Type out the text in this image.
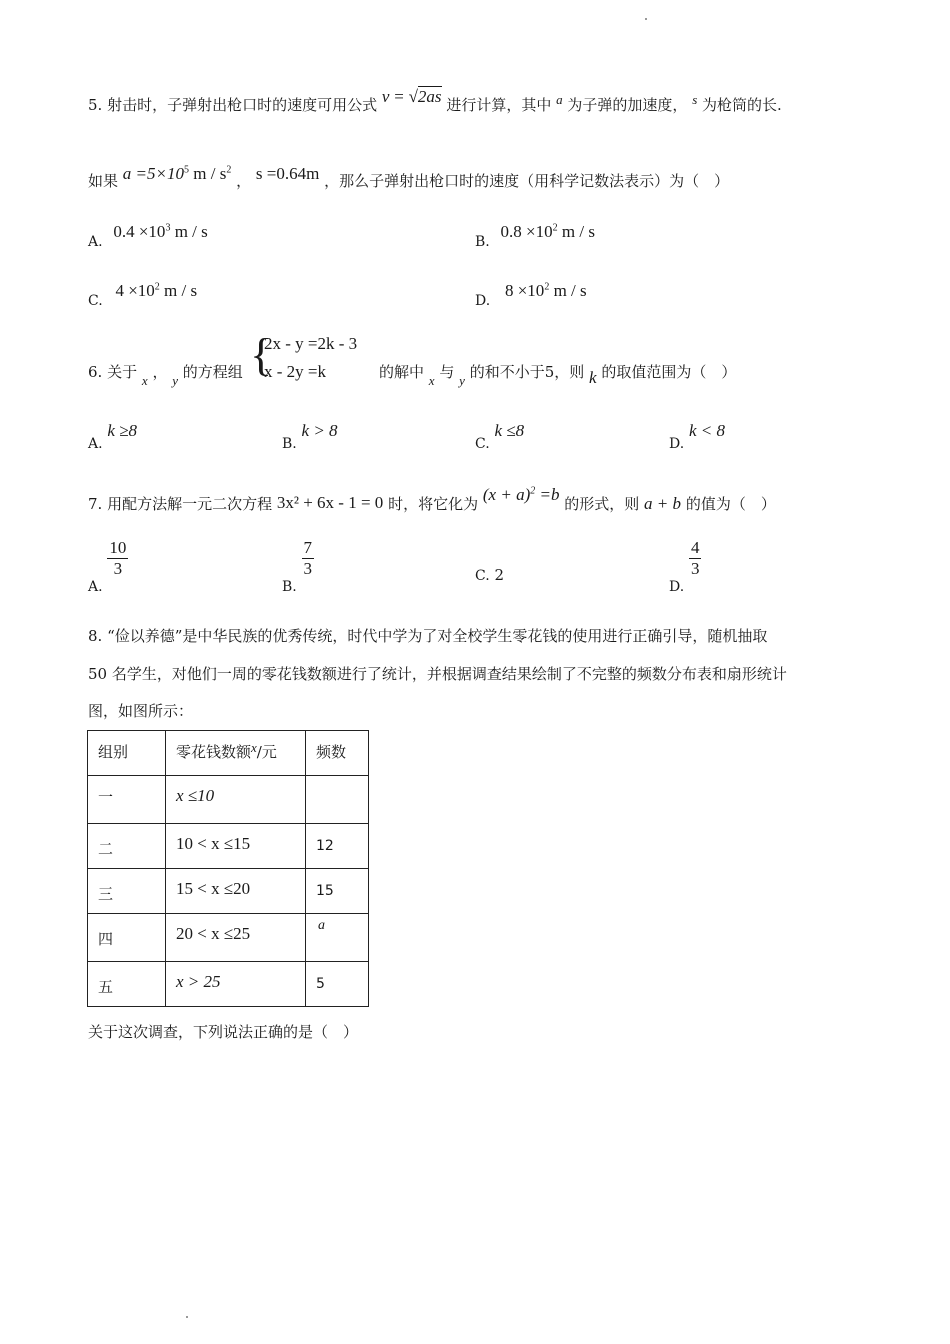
5. 射击时，子弹射出枪口时的速度可用公式 v = √2as 进行计算，其中 a 为子弹的加速度， s 为枪筒的长.
如果 $a =5\times 10^5$ m / $s^2$ ， s =0.64m ，那么子弹射出枪口时的速度（用科学记数法表示）为（　）
A. $0.4 \times 10^3$ m / s
B. $0.8 \times 10^2$ m / s
C. $4 \times 10^2$ m / s
D. $8 \times 10^2$ m / s
6. 关于 x ， y 的方程组 {
2x - y =2k - 3
x - 2y =k	的解中 x 与 y 的和不小于5，则 k 的取值范围为（　）
A. k ≥8
B. k > 8
C. k ≤8
D. k < 8
7. 用配方法解一元二次方程 3x² + 6x - 1 = 0 时，将它化为 $(x + a)^2 =b$ 的形式，则 a + b 的值为（　）
A.
$\frac{10}{3}$
B.
$\frac{7}{3}$	C. 2
D.
$\frac{4}{3}$
8. “俭以养德”是中华民族的优秀传统，时代中学为了对全校学生零花钱的使用进行正确引导，随机抽取
50 名学生，对他们一周的零花钱数额进行了统计，并根据调查结果绘制了不完整的频数分布表和扇形统计
图，如图所示：
组别	零花钱数额x/元	频数
一	x ≤10	
二	10 < x ≤15	12
三	15 < x ≤20	15
四	20 < x ≤25	a
五	x > 25	5
关于这次调查，下列说法正确的是（　）
